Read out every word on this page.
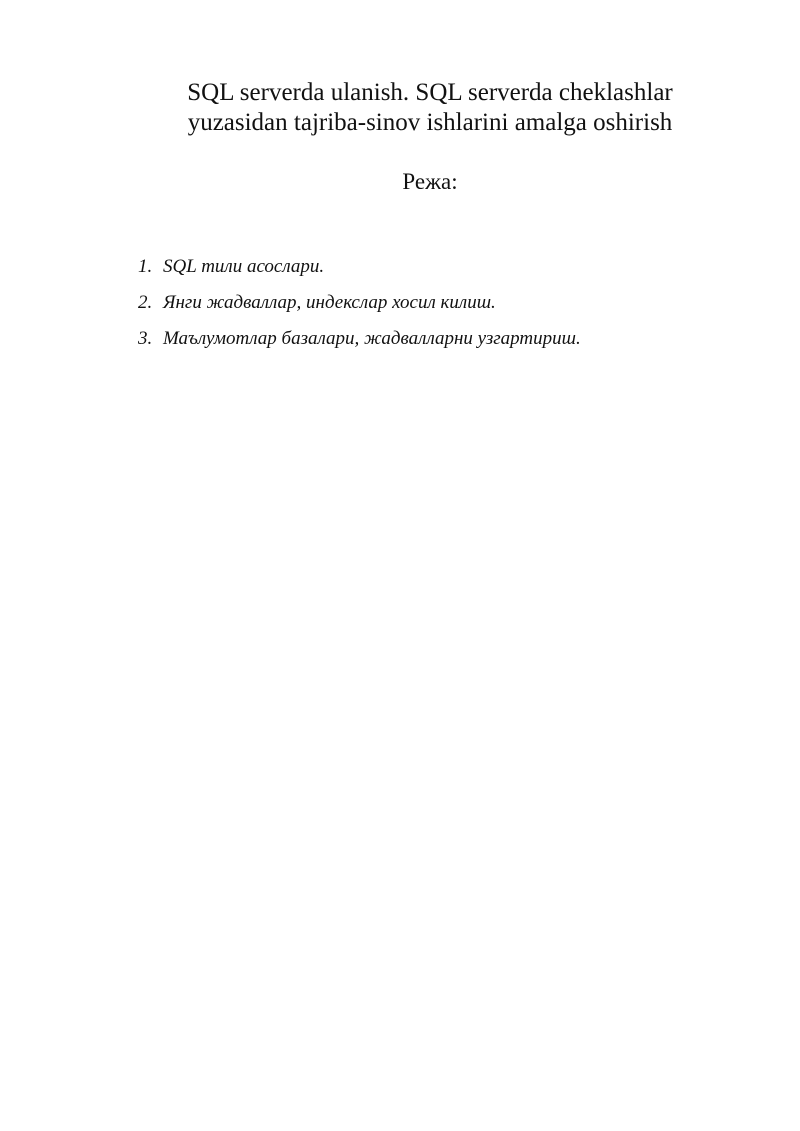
SQL serverda ulanish. SQL serverda cheklashlar
yuzasidan tajriba-sinov ishlarini amalga oshirish
Режа:
1. SQL тили асослари.
2. Янги жадваллар, индекслар хосил килиш.
3. Маълумотлар базалари, жадвалларни узгартириш.
